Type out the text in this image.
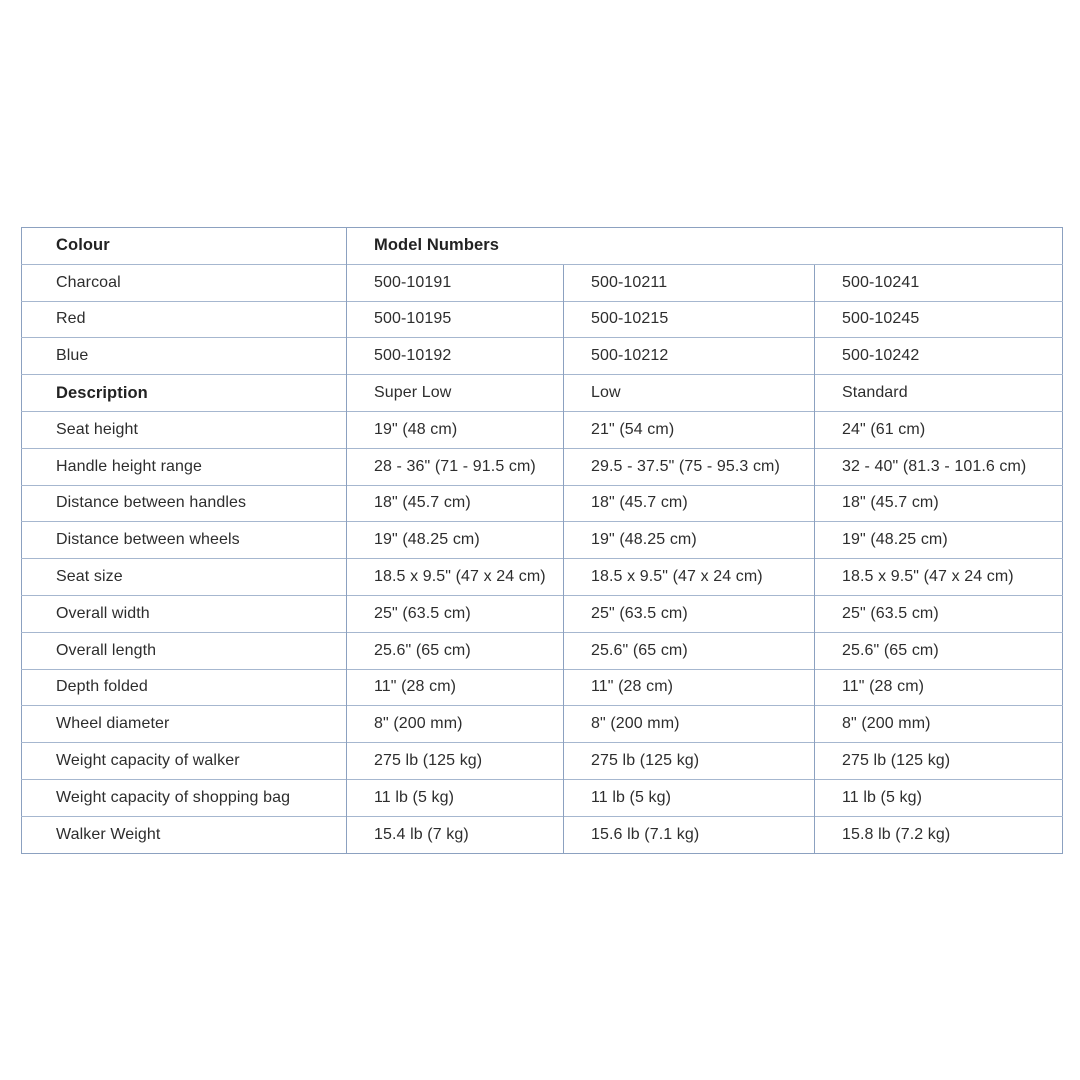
Colour	Model Numbers		
Charcoal	500-10191	500-10211	500-10241
Red	500-10195	500-10215	500-10245
Blue	500-10192	500-10212	500-10242
Description	Super Low	Low	Standard
Seat height	19" (48 cm)	21" (54 cm)	24" (61 cm)
Handle height range	28 - 36" (71 - 91.5 cm)	29.5 - 37.5" (75 - 95.3 cm)	32 - 40" (81.3 - 101.6 cm)
Distance between handles	18" (45.7 cm)	18" (45.7 cm)	18" (45.7 cm)
Distance between wheels	19" (48.25 cm)	19" (48.25 cm)	19" (48.25 cm)
Seat size	18.5 x 9.5" (47 x 24 cm)	18.5 x 9.5" (47 x 24 cm)	18.5 x 9.5" (47 x 24 cm)
Overall width	25" (63.5 cm)	25" (63.5 cm)	25" (63.5 cm)
Overall length	25.6" (65 cm)	25.6" (65 cm)	25.6" (65 cm)
Depth folded	11" (28 cm)	11" (28 cm)	11" (28 cm)
Wheel diameter	8" (200 mm)	8" (200 mm)	8" (200 mm)
Weight capacity of walker	275 lb (125 kg)	275 lb (125 kg)	275 lb (125 kg)
Weight capacity of shopping bag	11 lb (5 kg)	11 lb (5 kg)	11 lb (5 kg)
Walker Weight	15.4 lb (7 kg)	15.6 lb (7.1 kg)	15.8 lb (7.2 kg)
